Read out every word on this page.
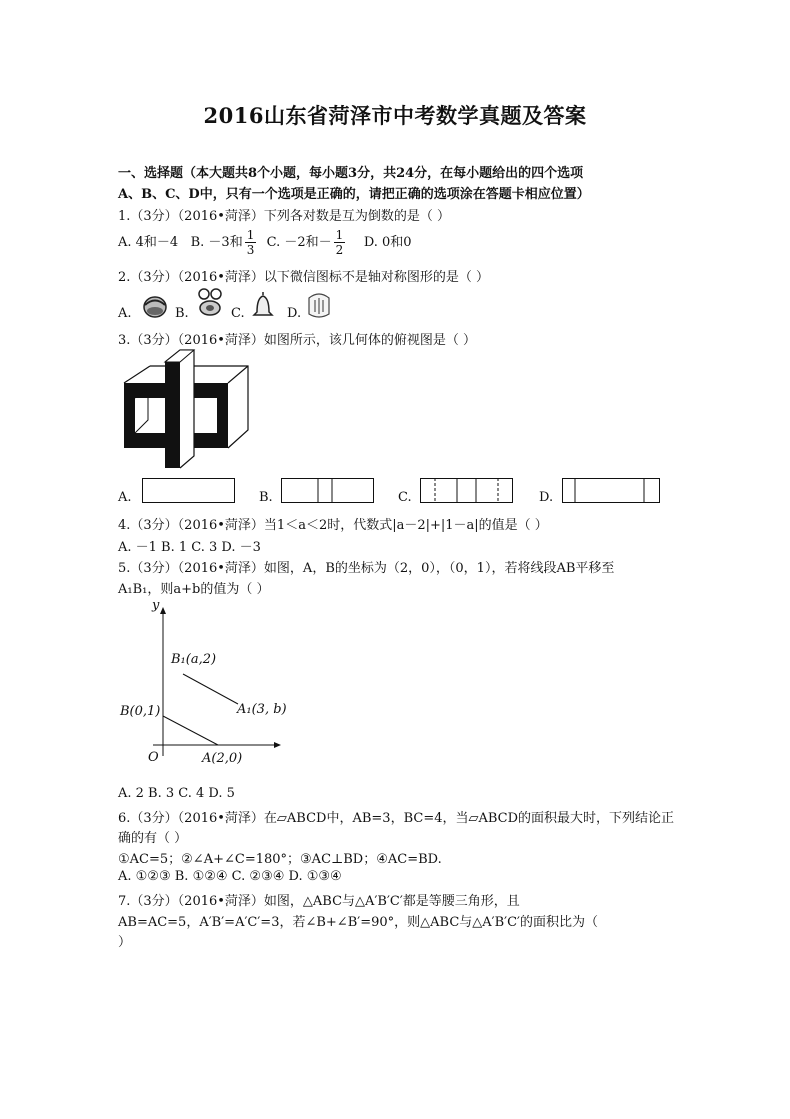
2016山东省菏泽市中考数学真题及答案
一、选择题（本大题共8个小题，每小题3分，共24分，在每小题给出的四个选项
A、B、C、D中，只有一个选项是正确的，请把正确的选项涂在答题卡相应位置）
1.（3分）（2016•菏泽）下列各对数是互为倒数的是（ ）
A. 4和－4 B. －3和 $\frac{1}{3} C$. －2和－ $\frac{1}{2} D$. 0和0
2.（3分）（2016•菏泽）以下微信图标不是轴对称图形的是（ ）
A.	B.	C.	D.
3.（3分）（2016•菏泽）如图所示，该几何体的俯视图是（ ）
A.	B.	C.	D.
4.（3分）（2016•菏泽）当1＜a＜2时，代数式|a－2|+|1－a|的值是（ ）
A. －1 B. 1 C. 3 D. －3
5.（3分）（2016•菏泽）如图，A，B的坐标为（2，0），（0，1），若将线段AB平移至
A₁B₁，则a+b的值为（ ）
y
O
B₁(a,2)
A₁(3, b)
B(0,1)
A(2,0)
A. 2 B. 3 C. 4 D. 5
6.（3分）（2016•菏泽）在▱ABCD中，AB=3，BC=4，当▱ABCD的面积最大时，下列结论正
确的有（ ）
①AC=5；②∠A+∠C=180°；③AC⊥BD；④AC=BD.
A. ①②③ B. ①②④ C. ②③④ D. ①③④
7.（3分）（2016•菏泽）如图，△ABC与△A′B′C′都是等腰三角形，且
AB=AC=5，A′B′=A′C′=3，若∠B+∠B′=90°，则△ABC与△A′B′C′的面积比为（
）
